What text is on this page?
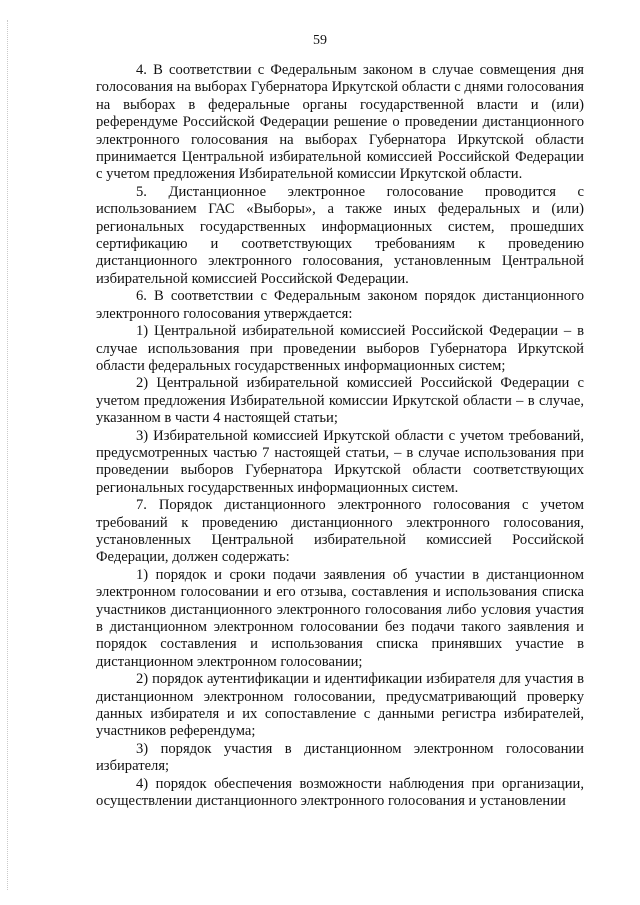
59

4. В соответствии с Федеральным законом в случае совмещения дня голосования на выборах Губернатора Иркутской области с днями голосования на выборах в федеральные органы государственной власти и (или) референдуме Российской Федерации решение о проведении дистанционного электронного голосования на выборах Губернатора Иркутской области принимается Центральной избирательной комиссией Российской Федерации с учетом предложения Избирательной комиссии Иркутской области.

5. Дистанционное электронное голосование проводится с использованием ГАС «Выборы», а также иных федеральных и (или) региональных государственных информационных систем, прошедших сертификацию и соответствующих требованиям к проведению дистанционного электронного голосования, установленным Центральной избирательной комиссией Российской Федерации.

6. В соответствии с Федеральным законом порядок дистанционного электронного голосования утверждается:

1) Центральной избирательной комиссией Российской Федерации – в случае использования при проведении выборов Губернатора Иркутской области федеральных государственных информационных систем;

2) Центральной избирательной комиссией Российской Федерации с учетом предложения Избирательной комиссии Иркутской области – в случае, указанном в части 4 настоящей статьи;

3) Избирательной комиссией Иркутской области с учетом требований, предусмотренных частью 7 настоящей статьи, – в случае использования при проведении выборов Губернатора Иркутской области соответствующих региональных государственных информационных систем.

7. Порядок дистанционного электронного голосования с учетом требований к проведению дистанционного электронного голосования, установленных Центральной избирательной комиссией Российской Федерации, должен содержать:

1) порядок и сроки подачи заявления об участии в дистанционном электронном голосовании и его отзыва, составления и использования списка участников дистанционного электронного голосования либо условия участия в дистанционном электронном голосовании без подачи такого заявления и порядок составления и использования списка принявших участие в дистанционном электронном голосовании;

2) порядок аутентификации и идентификации избирателя для участия в дистанционном электронном голосовании, предусматривающий проверку данных избирателя и их сопоставление с данными регистра избирателей, участников референдума;

3) порядок участия в дистанционном электронном голосовании избирателя;

4) порядок обеспечения возможности наблюдения при организации, осуществлении дистанционного электронного голосования и установлении
